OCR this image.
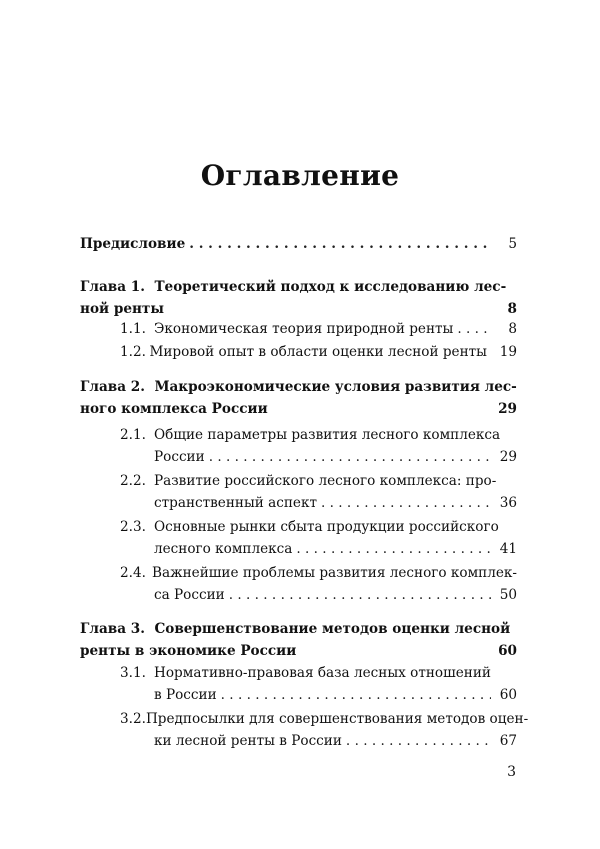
Оглавление
Предисловие . . .	5
Глава 1.
Теоретический подход к исследованию лес-
ной ренты	8
1.1. Экономическая теория природной ренты . . .	8
1.2. Мировой опыт в области оценки лесной ренты 19
Глава 2.
Макроэкономические условия развития лес-
ного комплекса России	29
2.1. Общие параметры развития лесного комплекса
России . . .	29
2.2. Развитие российского лесного комплекса: про-
странственный аспект . . .	36
2.3. Основные рынки сбыта продукции российского
лесного комплекса . . .	41
2.4. Важнейшие проблемы развития лесного комплек-
са России . . .	50
Глава 3.
Совершенствование методов оценки лесной
ренты в экономике России	60
3.1. Нормативно-правовая база лесных отношений
в России . . .	60
3.2. Предпосылки для совершенствования методов оцен-
ки лесной ренты в России . . .	67
3
